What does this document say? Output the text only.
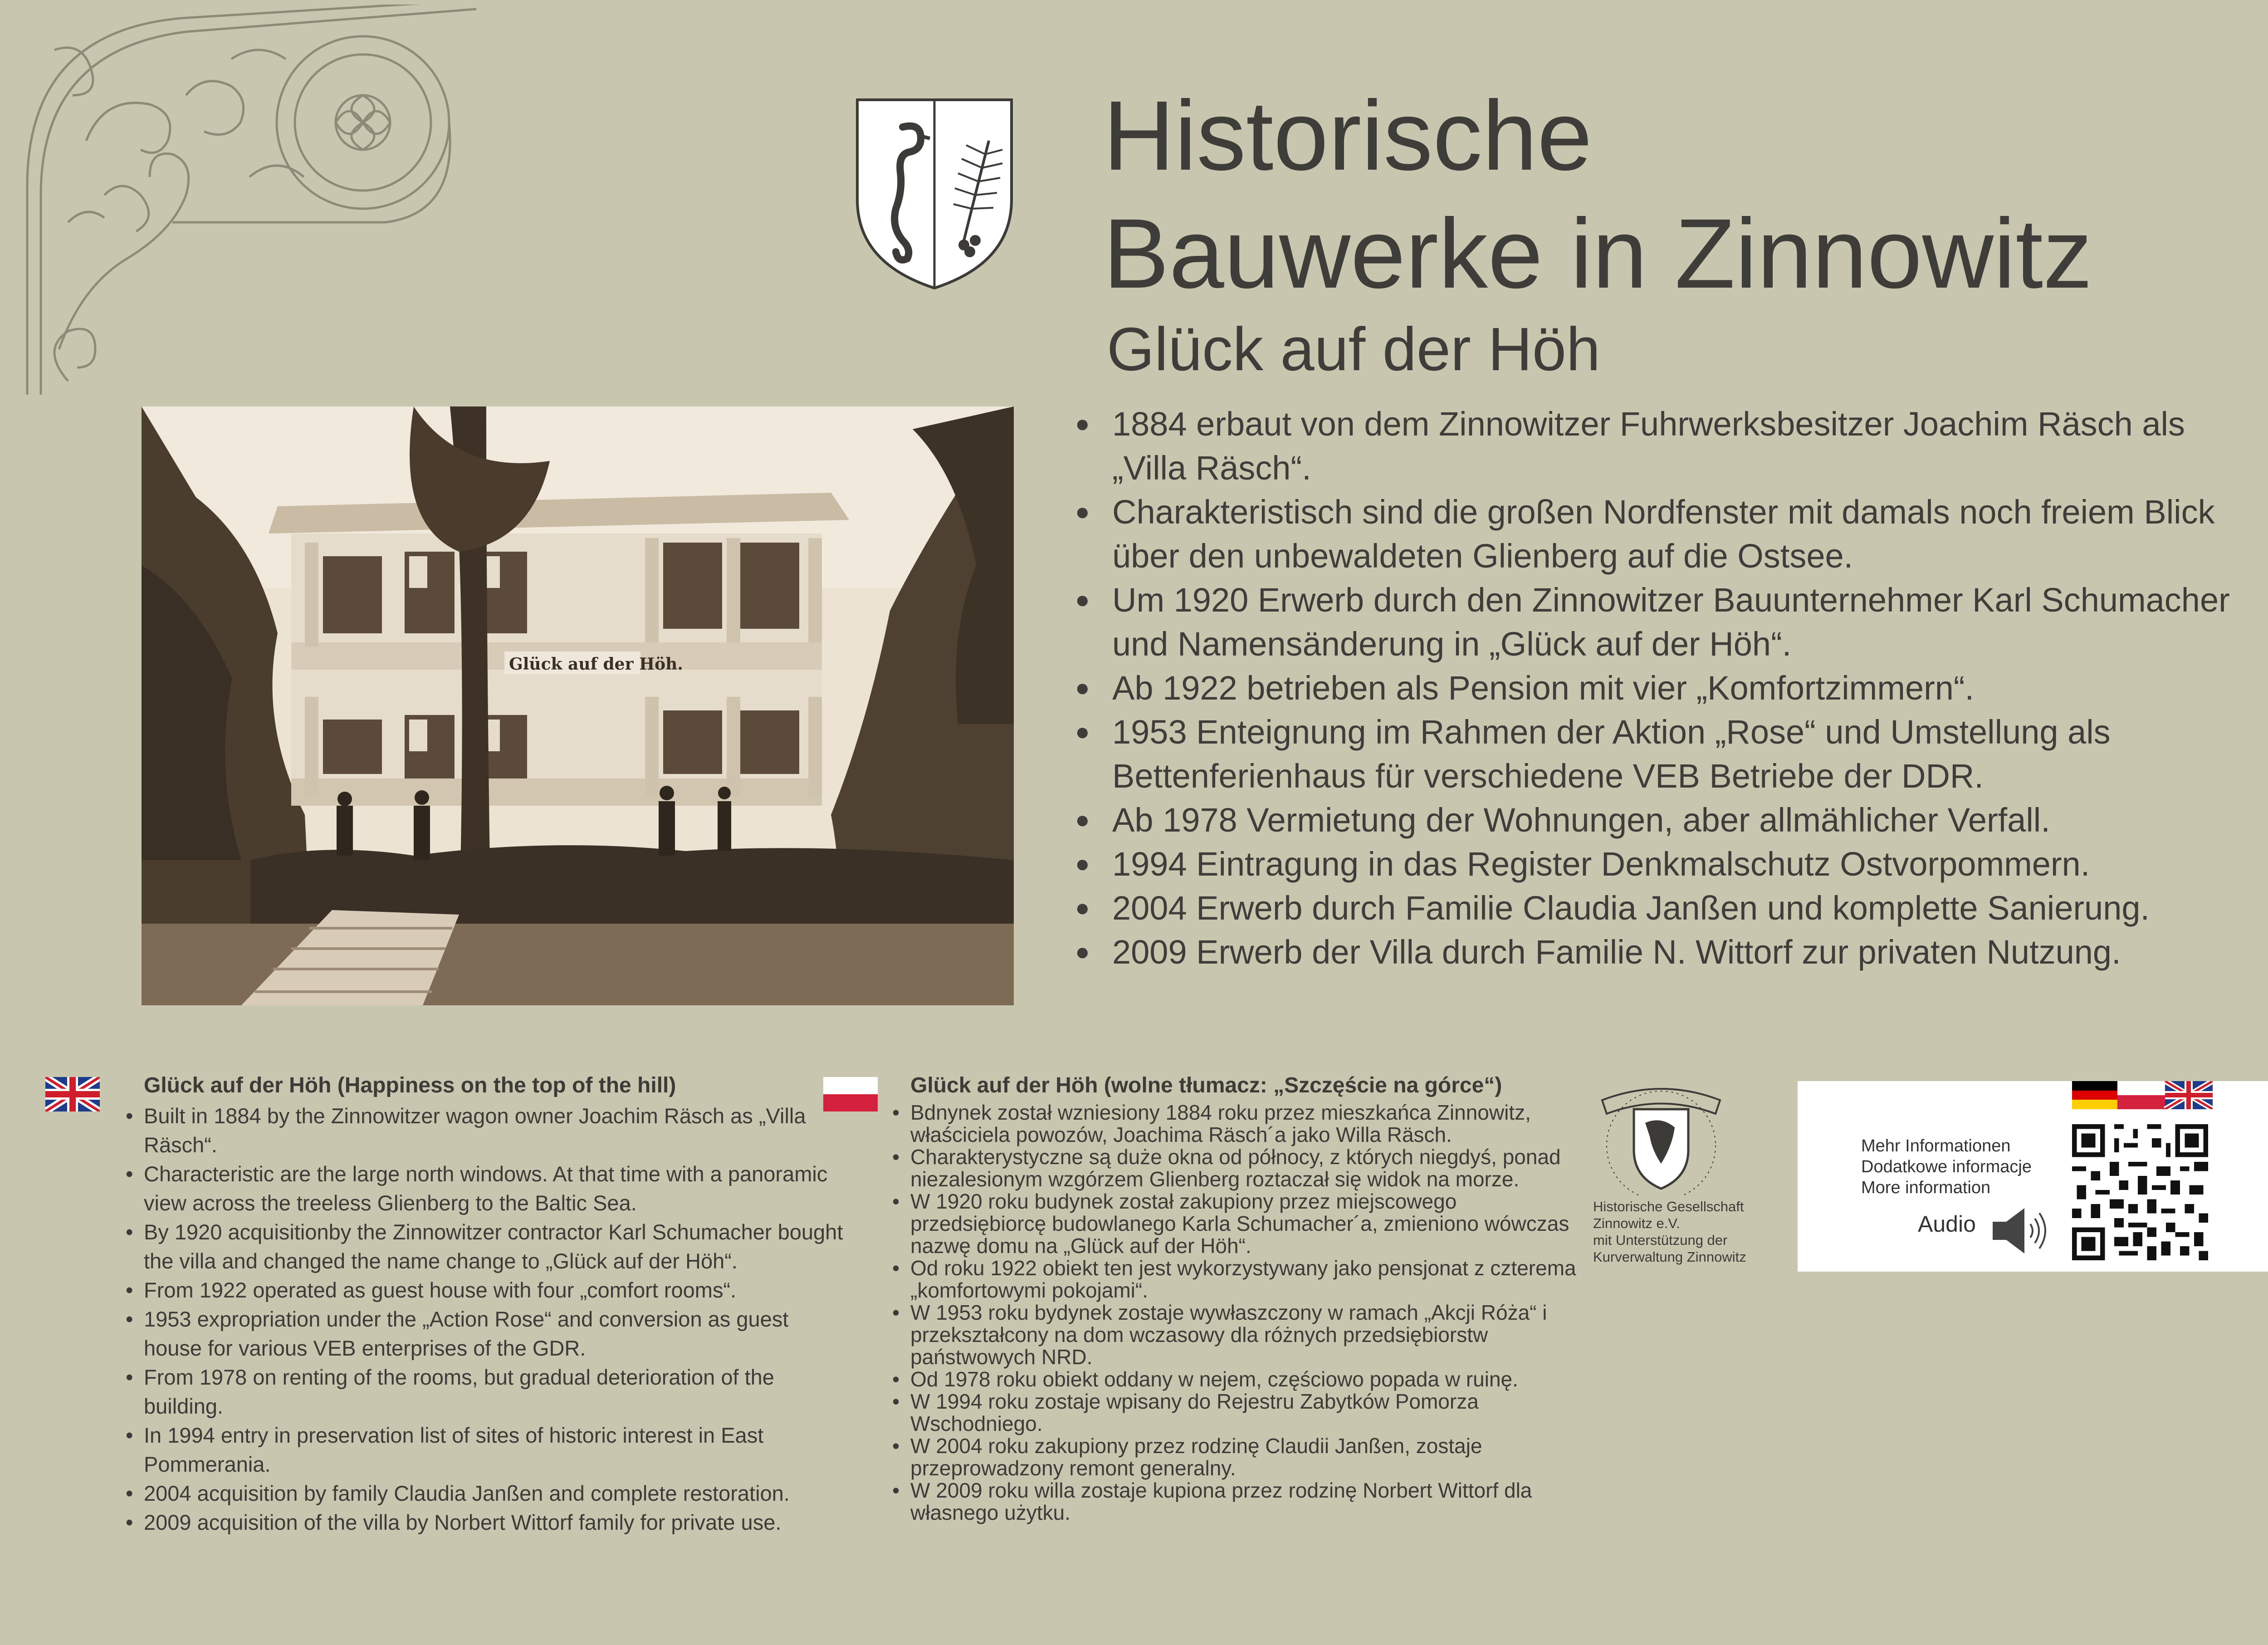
Historische
Bauwerke in Zinnowitz
Glück auf der Höh
Glück auf der Höh.
● 1884 erbaut von dem Zinnowitzer Fuhrwerksbesitzer Joachim Räsch als „Villa Räsch“.
● Charakteristisch sind die großen Nordfenster mit damals noch freiem Blick über den unbewaldeten Glienberg auf die Ostsee.
● Um 1920 Erwerb durch den Zinnowitzer Bauunternehmer Karl Schumacher und Namensänderung in „Glück auf der Höh“.
● Ab 1922 betrieben als Pension mit vier „Komfortzimmern“.
● 1953 Enteignung im Rahmen der Aktion „Rose“ und Umstellung als Bettenferienhaus für verschiedene VEB Betriebe der DDR.
● Ab 1978 Vermietung der Wohnungen, aber allmählicher Verfall.
● 1994 Eintragung in das Register Denkmalschutz Ostvorpommern.
● 2004 Erwerb durch Familie Claudia Janßen und komplette Sanierung.
● 2009 Erwerb der Villa durch Familie N. Wittorf zur privaten Nutzung.
Glück auf der Höh (Happiness on the top of the hill)
• Built in 1884 by the Zinnowitzer wagon owner Joachim Räsch as „Villa Räsch“.
• Characteristic are the large north windows. At that time with a panoramic view across the treeless Glienberg to the Baltic Sea.
• By 1920 acquisitionby the Zinnowitzer contractor Karl Schumacher bought the villa and changed the name change to „Glück auf der Höh“.
• From 1922 operated as guest house with four „comfort rooms“.
• 1953 expropriation under the „Action Rose“ and conversion as guest house for various VEB enterprises of the GDR.
• From 1978 on renting of the rooms, but gradual deterioration of the building.
• In 1994 entry in preservation list of sites of historic interest in East Pommerania.
• 2004 acquisition by family Claudia Janßen and complete restoration.
• 2009 acquisition of the villa by Norbert Wittorf family for private use.
Glück auf der Höh (wolne tłumacz: „Szczęście na górce“)
• Bdnynek został wzniesiony 1884 roku przez mieszkańca Zinnowitz, właściciela powozów, Joachima Räsch´a jako Willa Räsch.
• Charakterystyczne są duże okna od północy, z których niegdyś, ponad niezalesionym wzgórzem Glienberg roztaczał się widok na morze.
• W 1920 roku budynek został zakupiony przez miejscowego przedsiębiorcę budowlanego Karla Schumacher´a, zmieniono wówczas nazwę domu na „Glück auf der Höh“.
• Od roku 1922 obiekt ten jest wykorzystywany jako pensjonat z czterema „komfortowymi pokojami“.
• W 1953 roku bydynek zostaje wywłaszczony w ramach „Akcji Róża“ i przekształcony na dom wczasowy dla różnych przedsiębiorstw państwowych NRD.
• Od 1978 roku obiekt oddany w nejem, częściowo popada w ruinę.
• W 1994 roku zostaje wpisany do Rejestru Zabytków Pomorza Wschodniego.
• W 2004 roku zakupiony przez rodzinę Claudii Janßen, zostaje przeprowadzony remont generalny.
• W 2009 roku willa zostaje kupiona przez rodzinę Norbert Wittorf dla własnego użytku.
Historische Gesellschaft
Zinnowitz e.V.
mit Unterstützung der
Kurverwaltung Zinnowitz
Mehr Informationen
Dodatkowe informacje
More information
Audio
